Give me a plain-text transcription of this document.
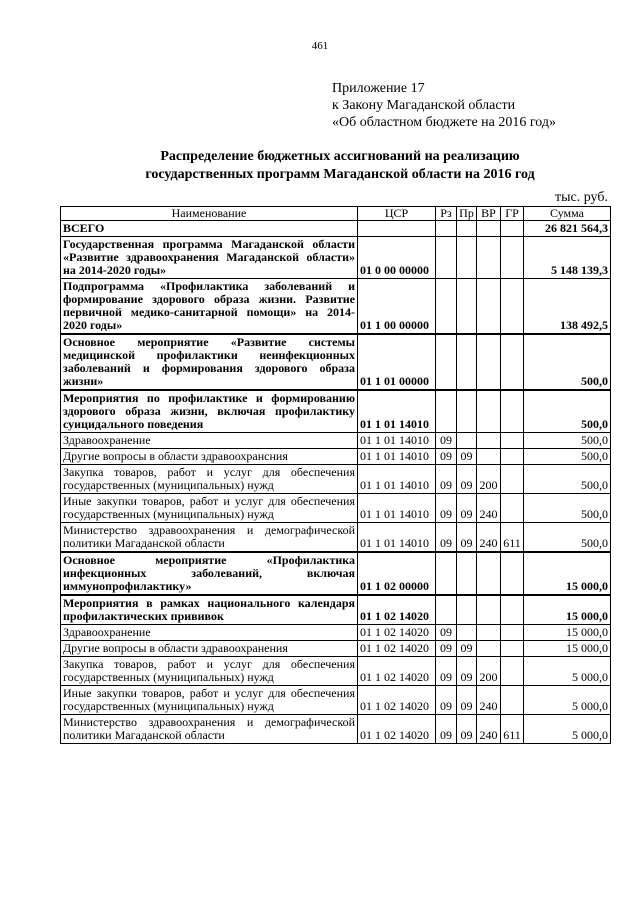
461
Приложение 17
к Закону Магаданской области
«Об областном бюджете на 2016 год»
Распределение бюджетных ассигнований на реализацию
государственных программ Магаданской области на 2016 год
тыс. руб.
Наименование	ЦСР	Рз	Пр	ВР	ГР	Сумма
ВСЕГО						26 821 564,3
Государственная программа Магаданской области «Развитие здравоохранения Магаданской области» на 2014-2020 годы»	01 0 00 00000					5 148 139,3
Подпрограмма «Профилактика заболеваний и формирование здорового образа жизни. Развитие первичной медико-санитарной помощи» на 2014-2020 годы»	01 1 00 00000					138 492,5
Основное мероприятие «Развитие системы медицинской профилактики неинфекционных заболеваний и формирования здорового образа жизни»	01 1 01 00000					500,0
Мероприятия по профилактике и формированию здорового образа жизни, включая профилактику суицидального поведения	01 1 01 14010					500,0
Здравоохранение	01 1 01 14010	09				500,0
Другие вопросы в области здравоохрансния	01 1 01 14010	09	09			500,0
Закупка товаров, работ и услуг для обеспечения государственных (муниципальных) нужд	01 1 01 14010	09	09	200		500,0
Иные закупки товаров, работ и услуг для обеспечения государственных (муниципальных) нужд	01 1 01 14010	09	09	240		500,0
Министерство здравоохранения и демографической политики Магаданской области	01 1 01 14010	09	09	240	611	500,0
Основное мероприятие «Профилактика инфекционных заболеваний, включая иммунопрофилактику»	01 1 02 00000					15 000,0
Мероприятия в рамках национального календаря профилактических прививок	01 1 02 14020					15 000,0
Здравоохранение	01 1 02 14020	09				15 000,0
Другие вопросы в области здравоохранения	01 1 02 14020	09	09			15 000,0
Закупка товаров, работ и услуг для обеспечения государственных (муниципальных) нужд	01 1 02 14020	09	09	200		5 000,0
Иные закупки товаров, работ и услуг для обеспечения государственных (муниципальных) нужд	01 1 02 14020	09	09	240		5 000,0
Министерство здравоохранения и демографической политики Магаданской области	01 1 02 14020	09	09	240	611	5 000,0
